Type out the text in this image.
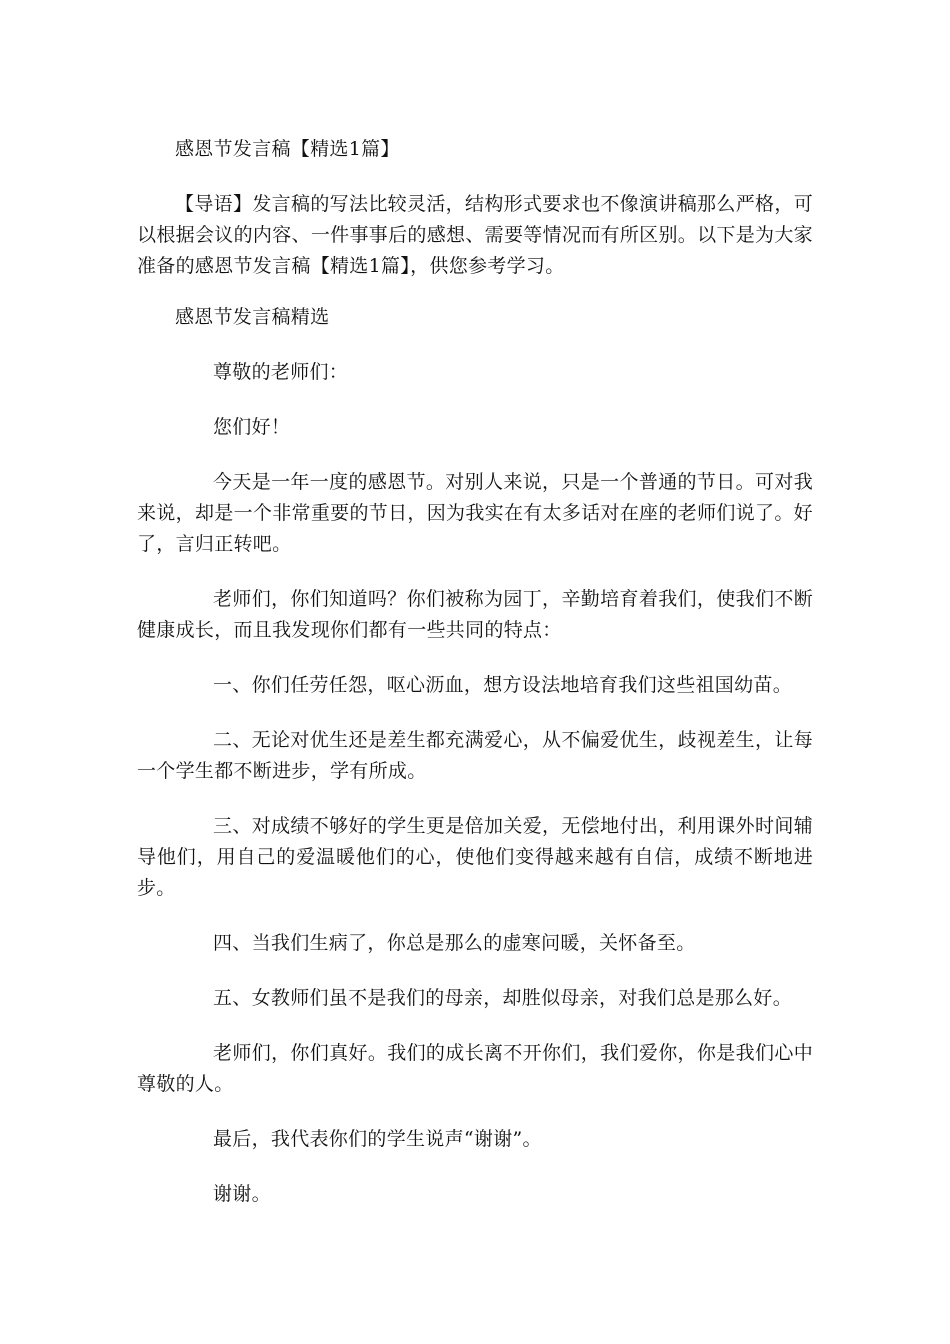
感恩节发言稿【精选1篇】

【导语】发言稿的写法比较灵活，结构形式要求也不像演讲稿那么严格，可以根据会议的内容、一件事事后的感想、需要等情况而有所区别。以下是为大家准备的感恩节发言稿【精选1篇】，供您参考学习。

感恩节发言稿精选

尊敬的老师们：

您们好！

今天是一年一度的感恩节。对别人来说，只是一个普通的节日。可对我来说，却是一个非常重要的节日，因为我实在有太多话对在座的老师们说了。好了，言归正转吧。

老师们，你们知道吗？你们被称为园丁，辛勤培育着我们，使我们不断健康成长，而且我发现你们都有一些共同的特点：

一、你们任劳任怨，呕心沥血，想方设法地培育我们这些祖国幼苗。

二、无论对优生还是差生都充满爱心，从不偏爱优生，歧视差生，让每一个学生都不断进步，学有所成。

三、对成绩不够好的学生更是倍加关爱，无偿地付出，利用课外时间辅导他们，用自己的爱温暖他们的心，使他们变得越来越有自信，成绩不断地进步。

四、当我们生病了，你总是那么的虚寒问暖，关怀备至。

五、女教师们虽不是我们的母亲，却胜似母亲，对我们总是那么好。

老师们，你们真好。我们的成长离不开你们，我们爱你，你是我们心中尊敬的人。

最后，我代表你们的学生说声“谢谢”。

谢谢。
